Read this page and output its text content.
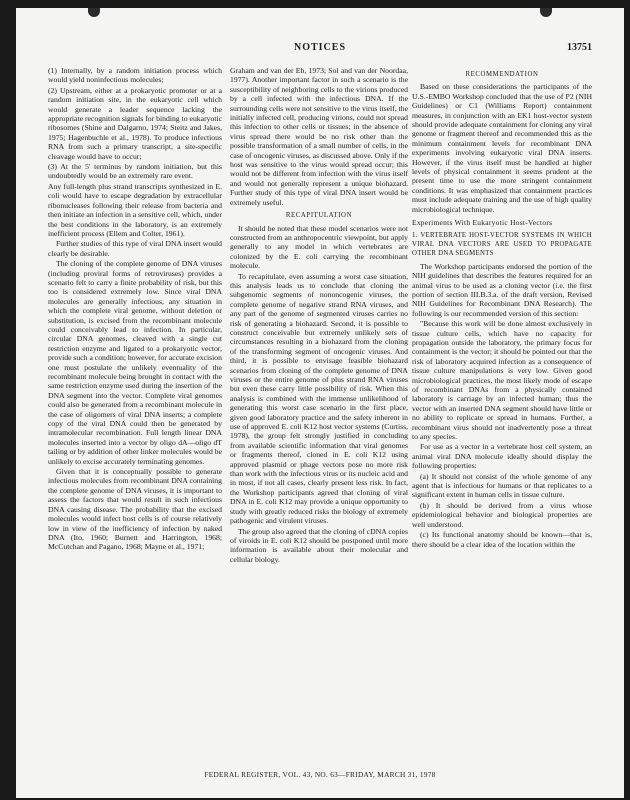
NOTICES	13751

(1) Internally, by a random initiation process which would yield noninfectious molecules;

(2) Upstream, either at a prokaryotic promoter or at a random initiation site, in the eukaryotic cell which would generate a leader sequence lacking the appropriate recognition signals for binding to eukaryotic ribosomes (Shine and Dalgarno, 1974; Steitz and Jakes, 1975; Hagenbuchle et al., 1978). To produce infectious RNA from such a primary transcript, a site-specific cleavage would have to occur;

(3) At the 5' terminus by random initiation, but this undoubtedly would be an extremely rare event.

Any full-length plus strand transcripts synthesized in E. coli would have to escape degradation by extracellular ribonucleases following their release from bacteria and then initiate an infection in a sensitive cell, which, under the best conditions in the laboratory, is an extremely inefficient process (Ellem and Colter, 1961).

Further studies of this type of viral DNA insert would clearly be desirable.

The cloning of the complete genome of DNA viruses (including proviral forms of retroviruses) provides a scenario felt to carry a finite probability of risk, but this too is considered extremely low. Since viral DNA molecules are generally infectious, any situation in which the complete viral genome, without deletion or substitution, is excised from the recombinant molecule could conceivably lead to infection. In particular, circular DNA genomes, cleaved with a single cut restriction enzyme and ligated to a prokaryotic vector, provide such a condition; however, for accurate excision one must postulate the unlikely eventuality of the recombinant molecule being brought in contact with the same restriction enzyme used during the insertion of the DNA segment into the vector. Complete viral genomes could also be generated from a recombinant molecule in the case of oligomers of viral DNA inserts; a complete copy of the viral DNA could then be generated by intramolecular recombination. Full length linear DNA molecules inserted into a vector by oligo dA—oligo dT tailing or by addition of other linker molecules would be unlikely to excise accurately terminating genomes.

Given that it is conceptually possible to generate infectious molecules from recombinant DNA containing the complete genome of DNA viruses, it is important to assess the factors that would result in such infectious DNA causing disease. The probability that the excised molecules would infect host cells is of course relatively low in view of the inefficiency of infection by naked DNA (Ito, 1960; Burnett and Harrington, 1968; McCutchan and Pagano, 1968; Mayne et al., 1971;

Graham and van der Eb, 1973; Sol and van der Noordaa, 1977). Another important factor in such a scenario is the susceptibility of neighboring cells to the virions produced by a cell infected with the infectious DNA. If the surrounding cells were not sensitive to the virus itself, the initially infected cell, producing virions, could not spread this infection to other cells or tissues; in the absence of virus spread there would be no risk other than the possible transformation of a small number of cells, in the case of oncogenic viruses, as discussed above. Only if the host was sensitive to the virus would spread occur; this would not be different from infection with the virus itself and would not generally represent a unique biohazard. Further study of this type of viral DNA insert would be extremely useful.

RECAPITULATION

It should be noted that these model scenarios were not constructed from an anthropocentric viewpoint, but apply generally to any model in which vertebrates are colonized by the E. coli carrying the recombinant molecule.

To recapitulate, even assuming a worst case situation, this analysis leads us to conclude that cloning the subgenomic segments of nononcogenic viruses, the complete genome of negative strand RNA viruses, and any part of the genome of segmented viruses carries no risk of generating a biohazard. Second, it is possible to construct conceivable but extremely unlikely sets of circumstances resulting in a biohazard from the cloning of the transforming segment of oncogenic viruses. And third, it is possible to envisage feasible biohazard scenarios from cloning of the complete genome of DNA viruses or the entire genome of plus strand RNA viruses but even these carry little possibility of risk. When this analysis is combined with the immense unlikelihood of generating this worst case scenario in the first place, given good laboratory practice and the safety inherent in use of approved E. coli K12 host vector systems (Curtiss, 1978), the group felt strongly justified in concluding from available scientific information that viral genomes or fragments thereof, cloned in E. coli K12 using approved plasmid or phage vectors pose no more risk than work with the infectious virus or its nucleic acid and in most, if not all cases, clearly present less risk. In fact, the Workshop participants agreed that cloning of viral DNA in E. coli K12 may provide a unique opportunity to study with greatly reduced risks the biology of extremely pathogenic and virulent viruses.

The group also agreed that the cloning of cDNA copies of viroids in E. coli K12 should be postponed until more information is available about their molecular and cellular biology.

RECOMMENDATION

Based on these considerations the participants of the U.S.-EMBO Workshop concluded that the use of P2 (NIH Guidelines) or C1 (Williams Report) containment measures, in conjunction with an EK1 host-vector system should provide adequate containment for cloning any viral genome or fragment thereof and recommended this as the minimum containment levels for recombinant DNA experiments involving eukaryotic viral DNA inserts. However, if the virus itself must be handled at higher levels of physical containment it seems prudent at the present time to use the more stringent containment conditions. It was emphasized that containment practices must include adequate training and the use of high quality microbiological technique.

Experiments With Eukaryotic Host-Vectors

1. VERTEBRATE HOST-VECTOR SYSTEMS IN WHICH VIRAL DNA VECTORS ARE USED TO PROPAGATE OTHER DNA SEGMENTS

The Workshop participants endorsed the portion of the NIH guidelines that describes the features required for an animal virus to be used as a cloning vector (i.e. the first portion of section III.B.3.a. of the draft version, Revised NIH Guidelines for Recombinant DNA Research). The following is our recommended version of this section:

"Because this work will be done almost exclusively in tissue culture cells, which have no capacity for propagation outside the laboratory, the primary focus for containment is the vector; it should be pointed out that the risk of laboratory acquired infection as a consequence of tissue culture manipulations is very low. Given good microbiological practices, the most likely mode of escape of recombinant DNAs from a physically contained laboratory is carriage by an infected human; thus the vector with an inserted DNA segment should have little or no ability to replicate or spread in humans. Further, a recombinant virus should not inadvertently pose a threat to any species.

For use as a vector in a vertebrate host cell system, an animal viral DNA molecule ideally should display the following properties:

(a) It should not consist of the whole genome of any agent that is infectious for humans or that replicates to a significant extent in human cells in tissue culture.

(b) It should be derived from a virus whose epidemiological behavior and biological properties are well understood.

(c) Its functional anatomy should be known—that is, there should be a clear idea of the location within the

FEDERAL REGISTER, VOL. 43, NO. 63—FRIDAY, MARCH 31, 1978
